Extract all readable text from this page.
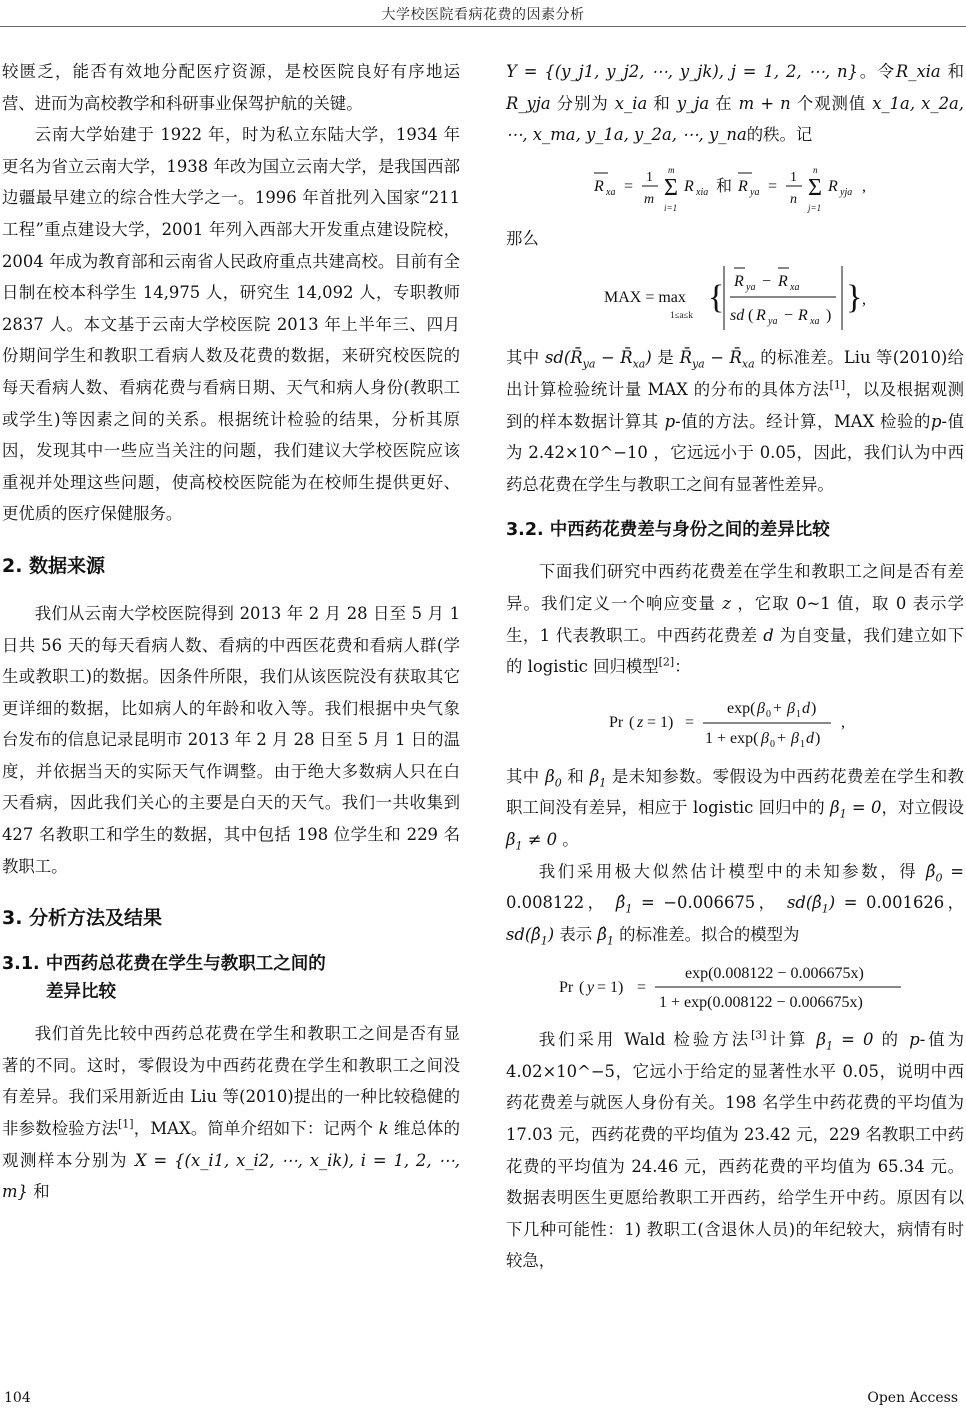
大学校医院看病花费的因素分析

较匮乏，能否有效地分配医疗资源，是校医院良好有序地运营、进而为高校教学和科研事业保驾护航的关键。

云南大学始建于 1922 年，时为私立东陆大学，1934 年更名为省立云南大学，1938 年改为国立云南大学，是我国西部边疆最早建立的综合性大学之一。1996 年首批列入国家“211 工程”重点建设大学，2001 年列入西部大开发重点建设院校，2004 年成为教育部和云南省人民政府重点共建高校。目前有全日制在校本科学生 14,975 人，研究生 14,092 人，专职教师 2837 人。本文基于云南大学校医院 2013 年上半年三、四月份期间学生和教职工看病人数及花费的数据，来研究校医院的每天看病人数、看病花费与看病日期、天气和病人身份(教职工或学生)等因素之间的关系。根据统计检验的结果，分析其原因，发现其中一些应当关注的问题，我们建议大学校医院应该重视并处理这些问题，使高校校医院能为在校师生提供更好、更优质的医疗保健服务。

2. 数据来源

我们从云南大学校医院得到 2013 年 2 月 28 日至 5 月 1 日共 56 天的每天看病人数、看病的中西医花费和看病人群(学生或教职工)的数据。因条件所限，我们从该医院没有获取其它更详细的数据，比如病人的年龄和收入等。我们根据中央气象台发布的信息记录昆明市 2013 年 2 月 28 日至 5 月 1 日的温度，并依据当天的实际天气作调整。由于绝大多数病人只在白天看病，因此我们关心的主要是白天的天气。我们一共收集到 427 名教职工和学生的数据，其中包括 198 位学生和 229 名教职工。

3. 分析方法及结果
3.1. 中西药总花费在学生与教职工之间的
差异比较

我们首先比较中西药总花费在学生和教职工之间是否有显著的不同。这时，零假设为中西药花费在学生和教职工之间没有差异。我们采用新近由 Liu 等(2010)提出的一种比较稳健的非参数检验方法[1]，MAX。简单介绍如下：记两个 k 维总体的观测样本分别为 X = {(x_i1, x_i2, ⋯, x_ik), i = 1, 2, ⋯, m} 和

Y = {(y_j1, y_j2, ⋯, y_jk), j = 1, 2, ⋯, n}。令R_xia 和 R_yja 分别为 x_ia 和 y_ja 在 m + n 个观测值 x_1a, x_2a, ⋯, x_ma, y_1a, y_2a, ⋯, y_na的秩。记

R xa =
1
m Σ
m
i=1
R xia 和 R ya =
1
n Σ
n
j=1
R yja ,

那么

MAX = max
1≤a≤k { R ya − R xa
sd ( R ya − R xa ) } ,

其中 $sd(R̄_{ya}$ − $R̄_{xa}$) 是 $R̄_{ya}$ − $R̄_{xa}$ 的标准差。Liu 等(2010)给出计算检验统计量 MAX 的分布的具体方法[1]，以及根据观测到的样本数据计算其 p-值的方法。经计算，MAX 检验的p-值为 2.42×10^−10 ，它远远小于 0.05，因此，我们认为中西药总花费在学生与教职工之间有显著性差异。

3.2. 中西药花费差与身份之间的差异比较

下面我们研究中西药花费差在学生和教职工之间是否有差异。我们定义一个响应变量 z ，它取 0~1 值，取 0 表示学生，1 代表教职工。中西药花费差 d 为自变量，我们建立如下的 logistic 回归模型[2]：

Pr ( z = 1) =
exp( β 0 + β 1 d )
1 + exp( β 0 + β 1 d )
,

其中 $\beta_0$ 和 $\beta_1$ 是未知参数。零假设为中西药花费差在学生和教职工间没有差异，相应于 logistic 回归中的 $\beta_1 = 0$，对立假设 $\beta_1 \ne 0$ 。

我们采用极大似然估计模型中的未知参数，得 $\betâ_0 = 0.008122$， $\betâ_1 = -0.006675$， $sd(\betâ_1) = 0.001626$， $sd(\betâ_1)$ 表示 $\betâ_1$ 的标准差。拟合的模型为

Pr ( y = 1) =
exp(0.008122 − 0.006675x)
1 + exp(0.008122 − 0.006675x)

我们采用 Wald 检验方法[3]计算 $\beta_1 = 0$ 的 p-值为 4.02×10^−5，它远小于给定的显著性水平 0.05，说明中西药花费差与就医人身份有关。198 名学生中药花费的平均值为 17.03 元，西药花费的平均值为 23.42 元，229 名教职工中药花费的平均值为 24.46 元，西药花费的平均值为 65.34 元。数据表明医生更愿给教职工开西药，给学生开中药。原因有以下几种可能性：1) 教职工(含退休人员)的年纪较大，病情有时较急，

104	Open Access
